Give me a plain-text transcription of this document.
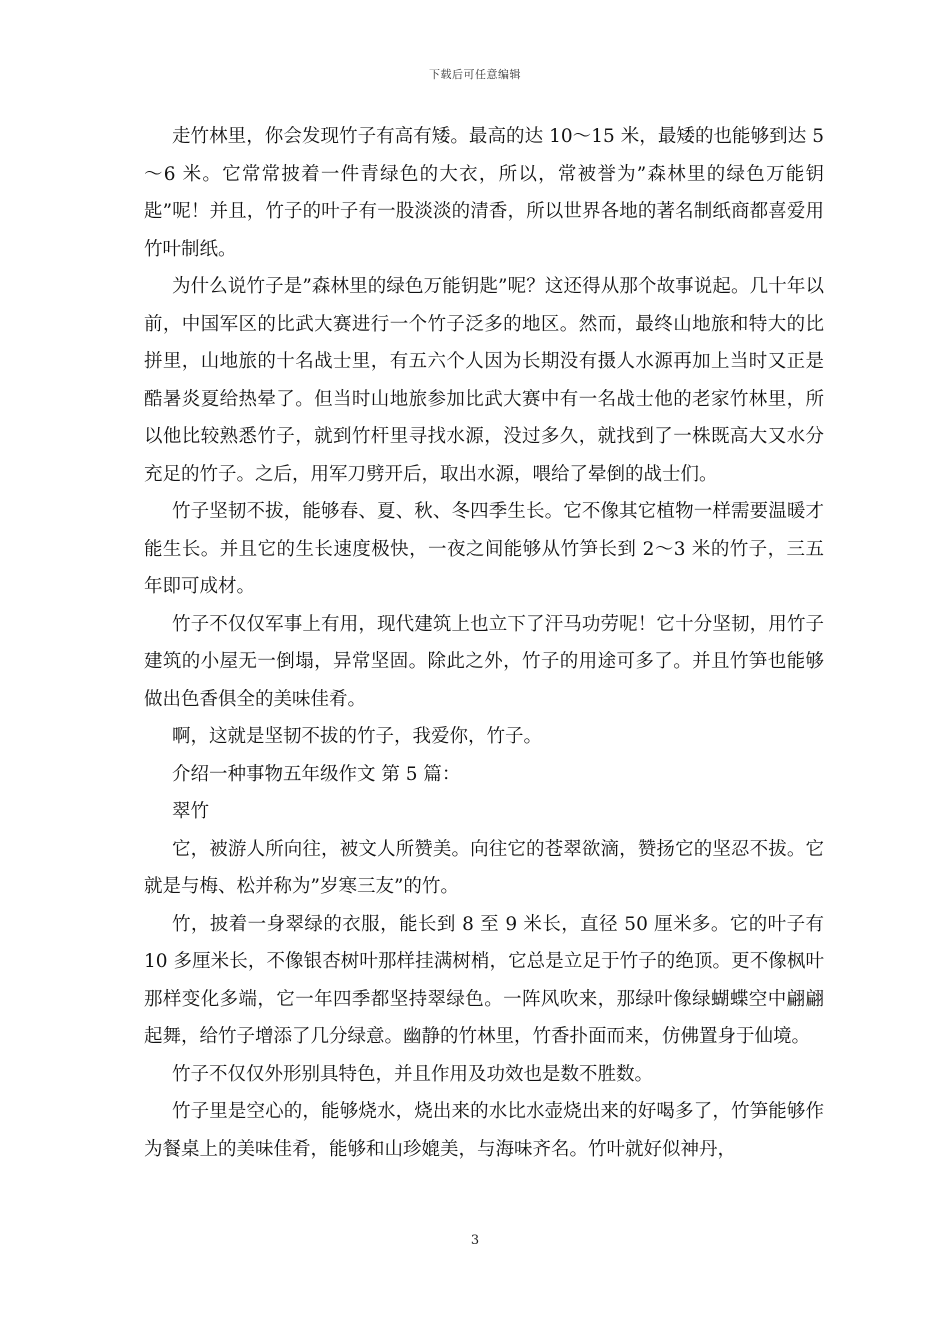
下载后可任意编辑

走竹林里，你会发现竹子有高有矮。最高的达 10～15 米，最矮的也能够到达 5～6 米。它常常披着一件青绿色的大衣，所以，常被誉为”森林里的绿色万能钥匙”呢！并且，竹子的叶子有一股淡淡的清香，所以世界各地的著名制纸商都喜爱用竹叶制纸。

为什么说竹子是”森林里的绿色万能钥匙”呢？这还得从那个故事说起。几十年以前，中国军区的比武大赛进行一个竹子泛多的地区。然而，最终山地旅和特大的比拼里，山地旅的十名战士里，有五六个人因为长期没有摄人水源再加上当时又正是酷暑炎夏给热晕了。但当时山地旅参加比武大赛中有一名战士他的老家竹林里，所以他比较熟悉竹子，就到竹杆里寻找水源，没过多久，就找到了一株既高大又水分充足的竹子。之后，用军刀劈开后，取出水源，喂给了晕倒的战士们。

竹子坚韧不拔，能够春、夏、秋、冬四季生长。它不像其它植物一样需要温暖才能生长。并且它的生长速度极快，一夜之间能够从竹笋长到 2～3 米的竹子，三五年即可成材。

竹子不仅仅军事上有用，现代建筑上也立下了汗马功劳呢！它十分坚韧，用竹子建筑的小屋无一倒塌，异常坚固。除此之外，竹子的用途可多了。并且竹笋也能够做出色香俱全的美味佳肴。

啊，这就是坚韧不拔的竹子，我爱你，竹子。

介绍一种事物五年级作文 第 5 篇：

翠竹

它，被游人所向往，被文人所赞美。向往它的苍翠欲滴，赞扬它的坚忍不拔。它就是与梅、松并称为”岁寒三友”的竹。

竹，披着一身翠绿的衣服，能长到 8 至 9 米长，直径 50 厘米多。它的叶子有 10 多厘米长，不像银杏树叶那样挂满树梢，它总是立足于竹子的绝顶。更不像枫叶那样变化多端，它一年四季都坚持翠绿色。一阵风吹来，那绿叶像绿蝴蝶空中翩翩起舞，给竹子增添了几分绿意。幽静的竹林里，竹香扑面而来，仿佛置身于仙境。

竹子不仅仅外形别具特色，并且作用及功效也是数不胜数。

竹子里是空心的，能够烧水，烧出来的水比水壶烧出来的好喝多了，竹笋能够作为餐桌上的美味佳肴，能够和山珍媲美，与海味齐名。竹叶就好似神丹，

3
